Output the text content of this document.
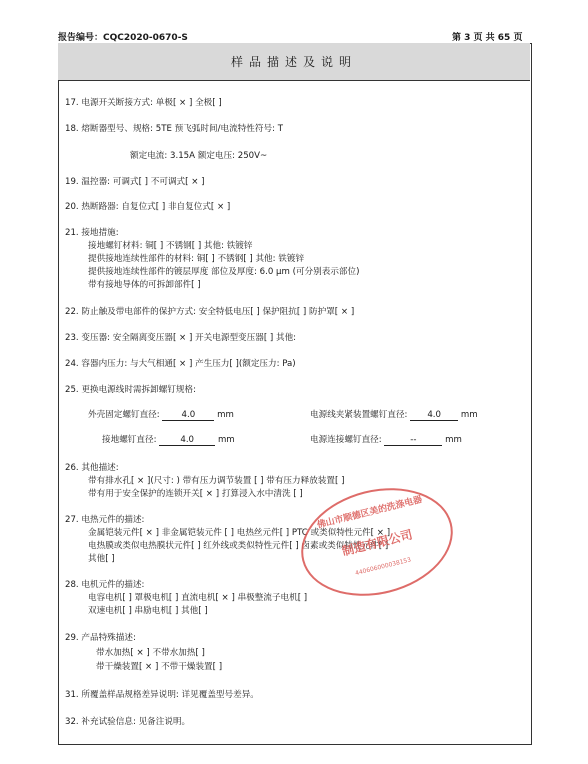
报告编号：CQC2020-0670-S	第 3 页 共 65 页
样品描述及说明
17. 电源开关断接方式: 单极[ × ] 全极[ ]
18. 熔断器型号、规格: 5TE 预飞弧时间/电流特性符号: T
额定电流: 3.15A 额定电压: 250V~
19. 温控器: 可调式[ ] 不可调式[ × ]
20. 热断路器: 自复位式[ ] 非自复位式[ × ]
21. 接地措施:
接地螺钉材料: 铜[ ] 不锈钢[ ] 其他: 铁镀锌
提供接地连续性部件的材料: 铜[ ] 不锈钢[ ] 其他: 铁镀锌
提供接地连续性部件的镀层厚度 部位及厚度: 6.0 μm (可分别表示部位)
带有接地导体的可拆卸部件[ ]
22. 防止触及带电部件的保护方式: 安全特低电压[ ] 保护阻抗[ ] 防护罩[ × ]
23. 变压器: 安全隔离变压器[ × ] 开关电源型变压器[ ] 其他:
24. 容器内压力: 与大气相通[ × ] 产生压力[ ](额定压力: Pa)
25. 更换电源线时需拆卸螺钉规格:
外壳固定螺钉直径:	4.0	mm	电源线夹紧装置螺钉直径: 4.0 mm
接地螺钉直径:	4.0	mm	电源连接螺钉直径:	--	mm
26. 其他描述:
带有排水孔[ × ](尺寸: ) 带有压力调节装置 [ ] 带有压力释放装置[ ]
带有用于安全保护的连锁开关[ × ] 打算浸入水中清洗 [ ]
27. 电热元件的描述:
金属铠装元件[ × ] 非金属铠装元件 [ ] 电热丝元件[ ] PTC 或类似特性元件[ × ]
电热膜或类似电热膜状元件[ ] 红外线或类似特性元件[ ] 卤素或类似特性元件[ ]
其他[ ]
28. 电机元件的描述:
电容电机[ ] 罩极电机[ ] 直流电机[ × ] 串极整流子电机[ ]
双速电机[ ] 串励电机[ ] 其他[ ]
29. 产品特殊描述:
带水加热[ × ] 不带水加热[ ]
带干燥装置[ × ] 不带干燥装置[ ]
31. 所覆盖样品规格差异说明: 详见覆盖型号差异。
32. 补充试验信息: 见备注说明。
佛山市顺德区美的洗涤电器
制造有限公司
440606000038153
